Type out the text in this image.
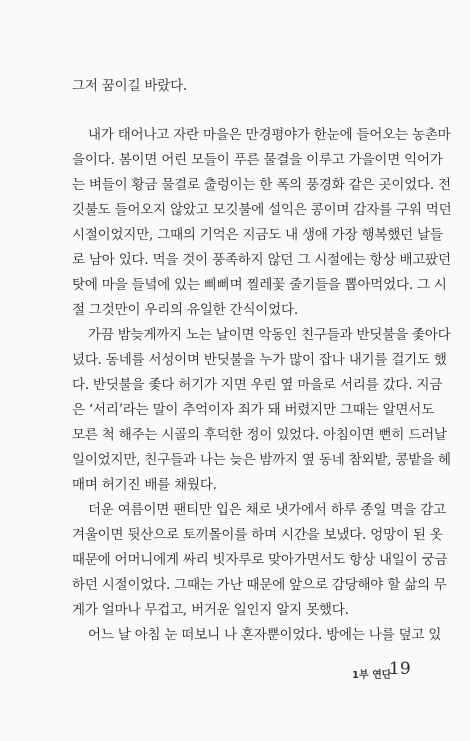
그저 꿈이길 바랐다.
내가 태어나고 자란 마을은 만경평야가 한눈에 들어오는 농촌마
을이다. 봄이면 어린 모들이 푸른 물결을 이루고 가을이면 익어가
는 벼들이 황금 물결로 출렁이는 한 폭의 풍경화 같은 곳이었다. 전
깃불도 들어오지 않았고 모깃불에 설익은 콩이며 감자를 구워 먹던
시절이었지만, 그때의 기억은 지금도 내 생애 가장 행복했던 날들
로 남아 있다. 먹을 것이 풍족하지 않던 그 시절에는 항상 배고팠던
탓에 마을 들녘에 있는 삐삐며 찔레꽃 줄기들을 뽑아먹었다. 그 시
절 그것만이 우리의 유일한 간식이었다.
가끔 밤늦게까지 노는 날이면 악동인 친구들과 반딧불을 좇아다
녔다. 동네를 서성이며 반딧불을 누가 많이 잡나 내기를 걸기도 했
다. 반딧불을 좇다 허기가 지면 우린 옆 마을로 서리를 갔다. 지금
은 ‘서리’라는 말이 추억이자 죄가 돼 버렸지만 그때는 알면서도
모른 척 해주는 시골의 후덕한 정이 있었다. 아침이면 뻔히 드러날
일이었지만, 친구들과 나는 늦은 밤까지 옆 동네 참외밭, 콩밭을 헤
매며 허기진 배를 채웠다.
더운 여름이면 팬티만 입은 채로 냇가에서 하루 종일 멱을 감고
겨울이면 뒷산으로 토끼몰이를 하며 시간을 보냈다. 엉망이 된 옷
때문에 어머니에게 싸리 빗자루로 맞아가면서도 항상 내일이 궁금
하던 시절이었다. 그때는 가난 때문에 앞으로 감당해야 할 삶의 무
게가 얼마나 무겁고, 버거운 일인지 알지 못했다.
어느 날 아침 눈 떠보니 나 혼자뿐이었다. 방에는 나를 덮고 있
1부 연단
19
